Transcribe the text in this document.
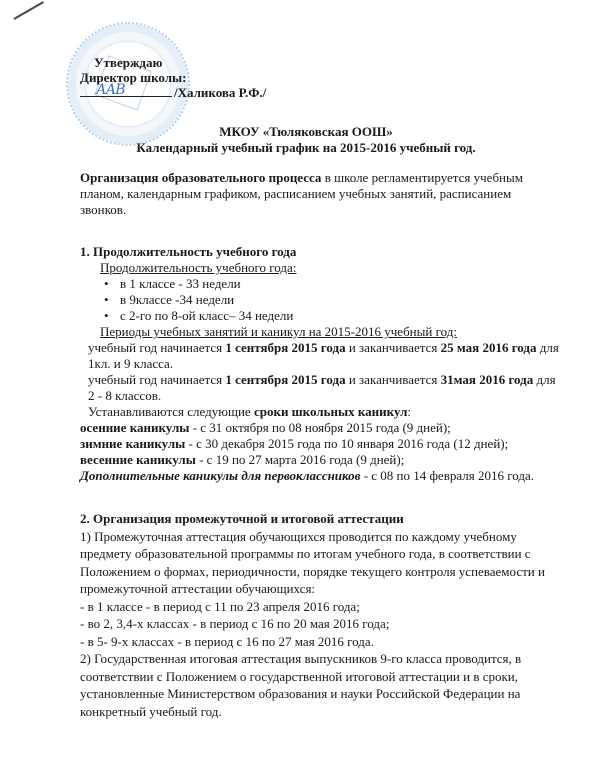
Утверждаю
Директор школы:
/Халикова Р.Ф./
ААВ
МКОУ «Тюляковская ООШ»
Календарный учебный график на 2015-2016 учебный год.

Организация образовательного процесса в школе регламентируется учебным планом, календарным графиком, расписанием учебных занятий, расписанием звонков.

1. Продолжительность учебного года

Продолжительность учебного года:

• в 1 классе - 33 недели
• в 9классе -34 недели
• с 2-го по 8-ой класс– 34 недели

Периоды учебных занятий и каникул на 2015-2016 учебный год:

учебный год начинается 1 сентября 2015 года и заканчивается 25 мая 2016 года для 1кл. и 9 класса.

учебный год начинается 1 сентября 2015 года и заканчивается 31мая 2016 года для 2 - 8 классов.

Устанавливаются следующие сроки школьных каникул:

осенние каникулы - с 31 октября по 08 ноября 2015 года (9 дней);

зимние каникулы - с 30 декабря 2015 года по 10 января 2016 года (12 дней);

весенние каникулы - с 19 по 27 марта 2016 года (9 дней);

Дополнительные каникулы для первоклассников - с 08 по 14 февраля 2016 года.

2. Организация промежуточной и итоговой аттестации

1) Промежуточная аттестация обучающихся проводится по каждому учебному предмету образовательной программы по итогам учебного года, в соответствии с Положением о формах, периодичности, порядке текущего контроля успеваемости и промежуточной аттестации обучающихся:

- в 1 классе - в период с 11 по 23 апреля 2016 года;

- во 2, 3,4-х классах - в период с 16 по 20 мая 2016 года;

- в 5- 9-х классах - в период с 16 по 27 мая 2016 года.

2) Государственная итоговая аттестация выпускников 9-го класса проводится, в соответствии с Положением о государственной итоговой аттестации и в сроки, установленные Министерством образования и науки Российской Федерации на конкретный учебный год.
